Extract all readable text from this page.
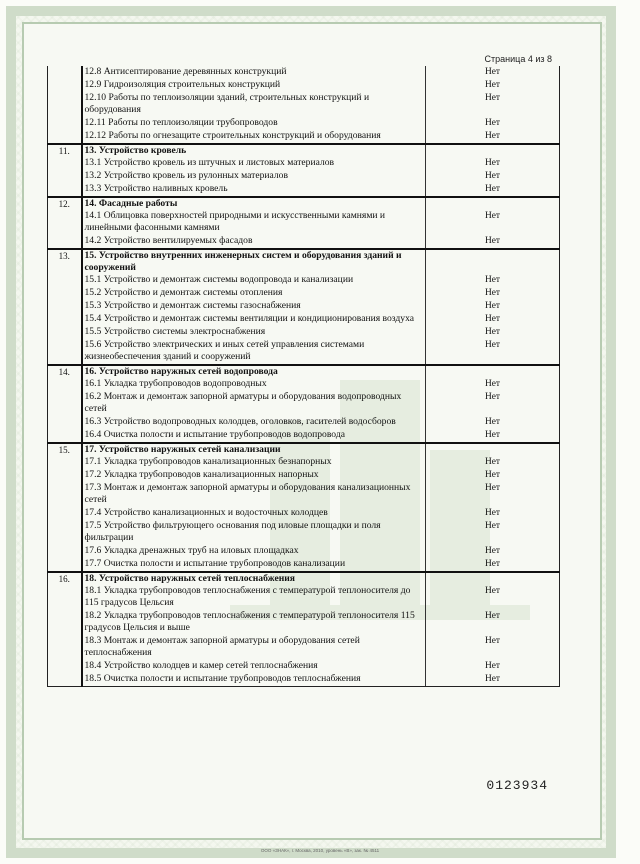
Страница 4 из 8
	12.8 Антисептирование деревянных конструкций	Нет
	12.9 Гидроизоляция строительных конструкций	Нет
	12.10 Работы по теплоизоляции зданий, строительных конструкций и оборудования	Нет
	12.11 Работы по теплоизоляции трубопроводов	Нет
	12.12 Работы по огнезащите строительных конструкций и оборудования	Нет
11.	13. Устройство кровель	
	13.1 Устройство кровель из штучных и листовых материалов	Нет
	13.2 Устройство кровель из рулонных материалов	Нет
	13.3 Устройство наливных кровель	Нет
12.	14. Фасадные работы	
	14.1 Облицовка поверхностей природными и искусственными камнями и линейными фасонными камнями	Нет
	14.2 Устройство вентилируемых фасадов	Нет
13.	15. Устройство внутренних инженерных систем и оборудования зданий и сооружений	
	15.1 Устройство и демонтаж системы водопровода и канализации	Нет
	15.2 Устройство и демонтаж системы отопления	Нет
	15.3 Устройство и демонтаж системы газоснабжения	Нет
	15.4 Устройство и демонтаж системы вентиляции и кондиционирования воздуха	Нет
	15.5 Устройство системы электроснабжения	Нет
	15.6 Устройство электрических и иных сетей управления системами жизнеобеспечения зданий и сооружений	Нет
14.	16. Устройство наружных сетей водопровода	
	16.1 Укладка трубопроводов водопроводных	Нет
	16.2 Монтаж и демонтаж запорной арматуры и оборудования водопроводных сетей	Нет
	16.3 Устройство водопроводных колодцев, оголовков, гасителей водосборов	Нет
	16.4 Очистка полости и испытание трубопроводов водопровода	Нет
15.	17. Устройство наружных сетей канализации	
	17.1 Укладка трубопроводов канализационных безнапорных	Нет
	17.2 Укладка трубопроводов канализационных напорных	Нет
	17.3 Монтаж и демонтаж запорной арматуры и оборудования канализационных сетей	Нет
	17.4 Устройство канализационных и водосточных колодцев	Нет
	17.5 Устройство фильтрующего основания под иловые площадки и поля фильтрации	Нет
	17.6 Укладка дренажных труб на иловых площадках	Нет
	17.7 Очистка полости и испытание трубопроводов канализации	Нет
16.	18. Устройство наружных сетей теплоснабжения	
	18.1 Укладка трубопроводов теплоснабжения с температурой теплоносителя до 115 градусов Цельсия	Нет
	18.2 Укладка трубопроводов теплоснабжения с температурой теплоносителя 115 градусов Цельсия и выше	Нет
	18.3 Монтаж и демонтаж запорной арматуры и оборудования сетей теплоснабжения	Нет
	18.4 Устройство колодцев и камер сетей теплоснабжения	Нет
	18.5 Очистка полости и испытание трубопроводов теплоснабжения	Нет
0123934
ООО «ЗНАК», г. Москва, 2010, уровень «В», зак. № 4511
